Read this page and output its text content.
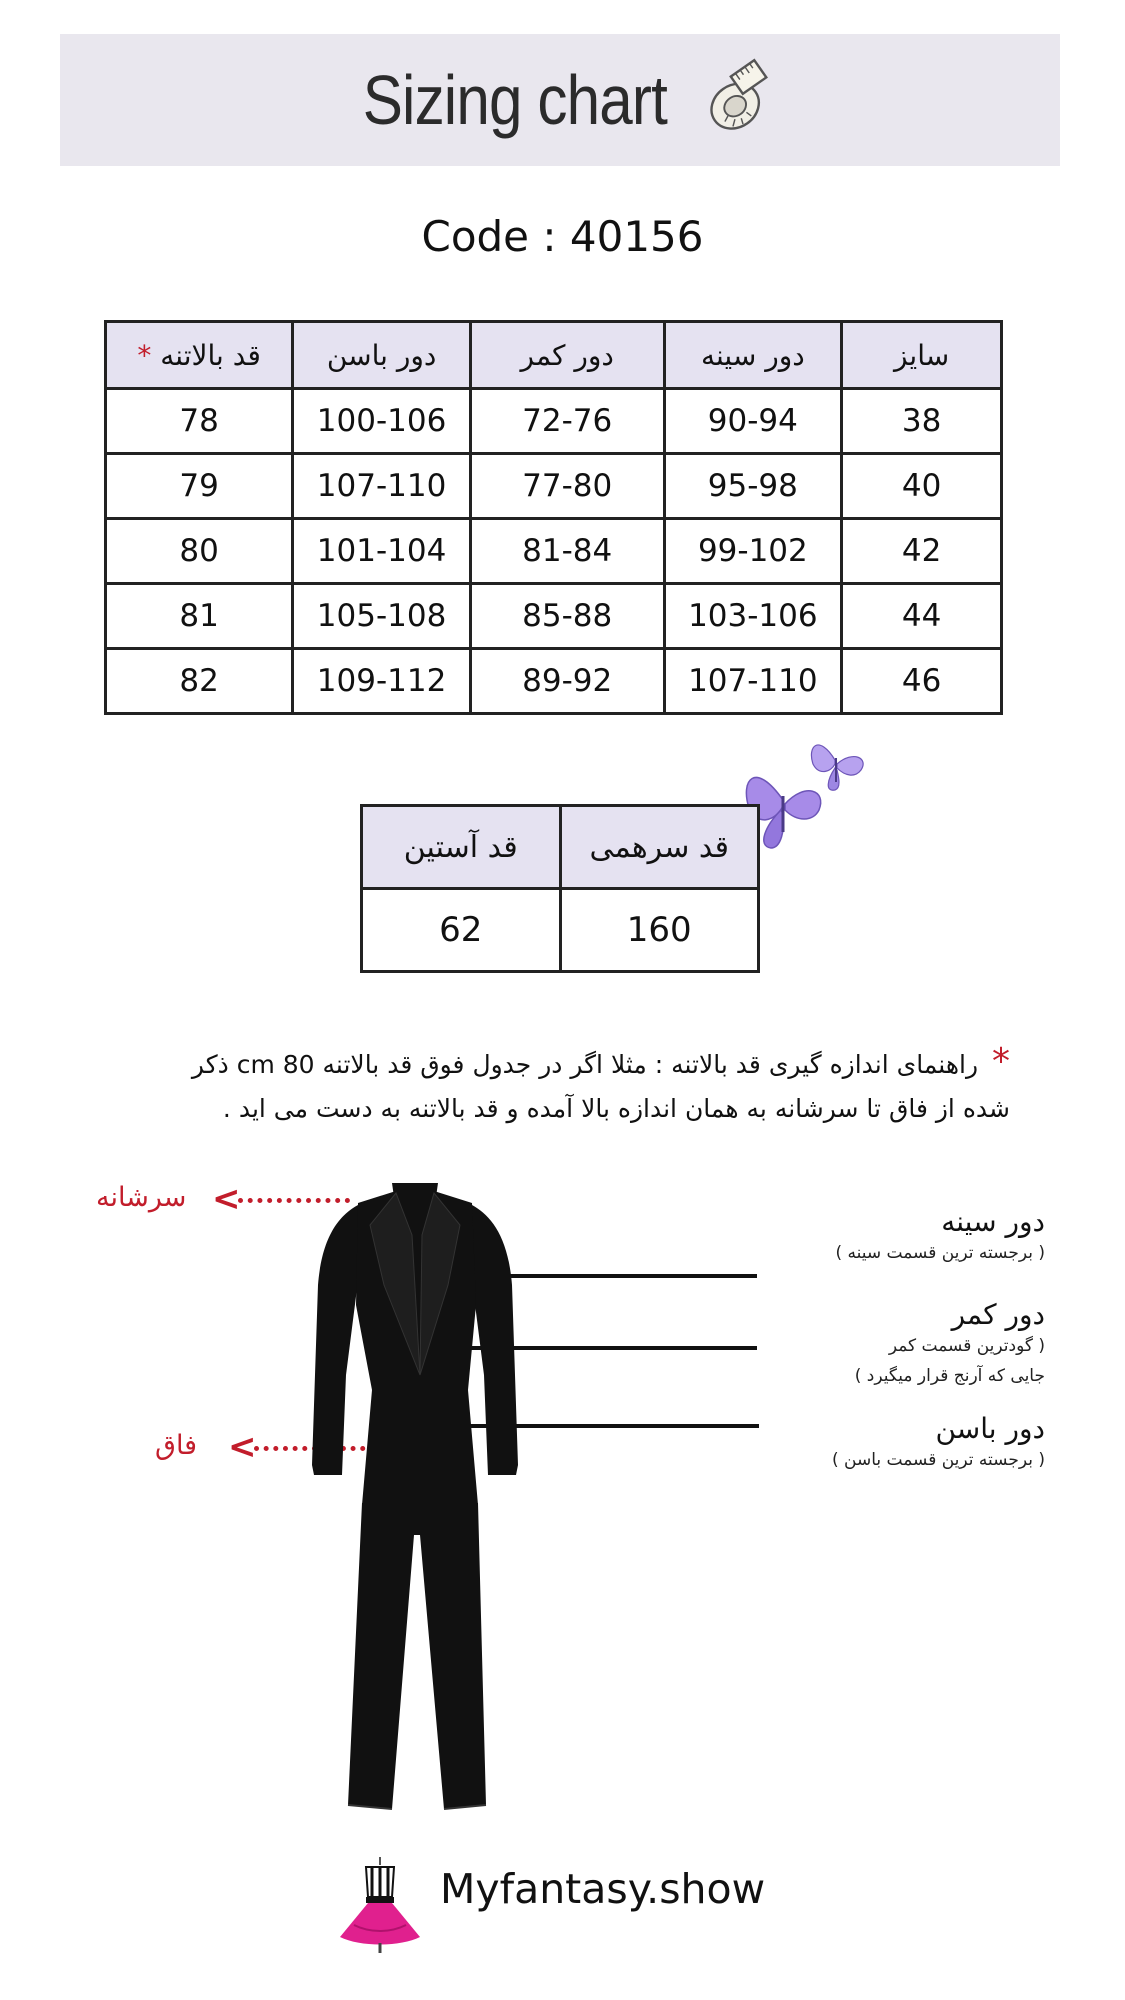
Sizing chart
Code : 40156
سایز	دور سینه	دور کمر	دور باسن	قد بالاتنه *
38	90-94	72-76	100-106	78
40	95-98	77-80	107-110	79
42	99-102	81-84	101-104	80
44	103-106	85-88	105-108	81
46	107-110	89-92	109-112	82
قد سرهمی	قد آستین
160	62
* راهنمای اندازه گیری قد بالاتنه : مثلا اگر در جدول فوق قد بالاتنه 80 cm ذکر
شده از فاق تا سرشانه به همان اندازه بالا آمده و قد بالاتنه به دست می اید .
سرشانه <
فاق <
دور سینه
( برجسته ترین قسمت سینه )
دور کمر
( گودترین قسمت کمر
جایی که آرنج قرار میگیرد )
دور باسن
( برجسته ترین قسمت باسن )
Myfantasy.show
